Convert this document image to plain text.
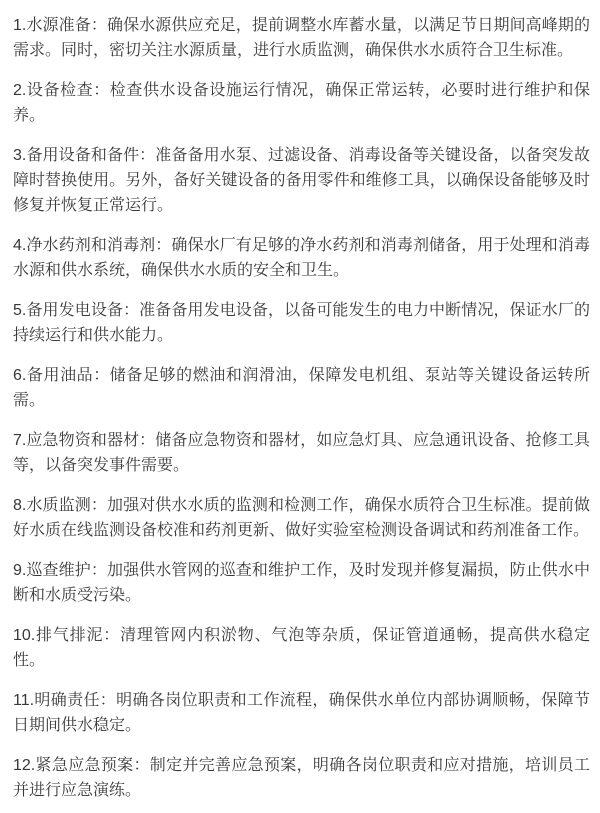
1.水源准备：确保水源供应充足，提前调整水库蓄水量，以满足节日期间高峰期的需求。同时，密切关注水源质量，进行水质监测，确保供水水质符合卫生标准。

2.设备检查：检查供水设备设施运行情况，确保正常运转，必要时进行维护和保养。

3.备用设备和备件：准备备用水泵、过滤设备、消毒设备等关键设备，以备突发故障时替换使用。另外，备好关键设备的备用零件和维修工具，以确保设备能够及时修复并恢复正常运行。

4.净水药剂和消毒剂：确保水厂有足够的净水药剂和消毒剂储备，用于处理和消毒水源和供水系统，确保供水水质的安全和卫生。

5.备用发电设备：准备备用发电设备，以备可能发生的电力中断情况，保证水厂的持续运行和供水能力。

6.备用油品：储备足够的燃油和润滑油，保障发电机组、泵站等关键设备运转所需。

7.应急物资和器材：储备应急物资和器材，如应急灯具、应急通讯设备、抢修工具等，以备突发事件需要。

8.水质监测：加强对供水水质的监测和检测工作，确保水质符合卫生标准。提前做好水质在线监测设备校准和药剂更新、做好实验室检测设备调试和药剂准备工作。

9.巡查维护：加强供水管网的巡查和维护工作，及时发现并修复漏损，防止供水中断和水质受污染。

10.排气排泥：清理管网内积淤物、气泡等杂质，保证管道通畅，提高供水稳定性。

11.明确责任：明确各岗位职责和工作流程，确保供水单位内部协调顺畅，保障节日期间供水稳定。

12.紧急应急预案：制定并完善应急预案，明确各岗位职责和应对措施，培训员工并进行应急演练。
